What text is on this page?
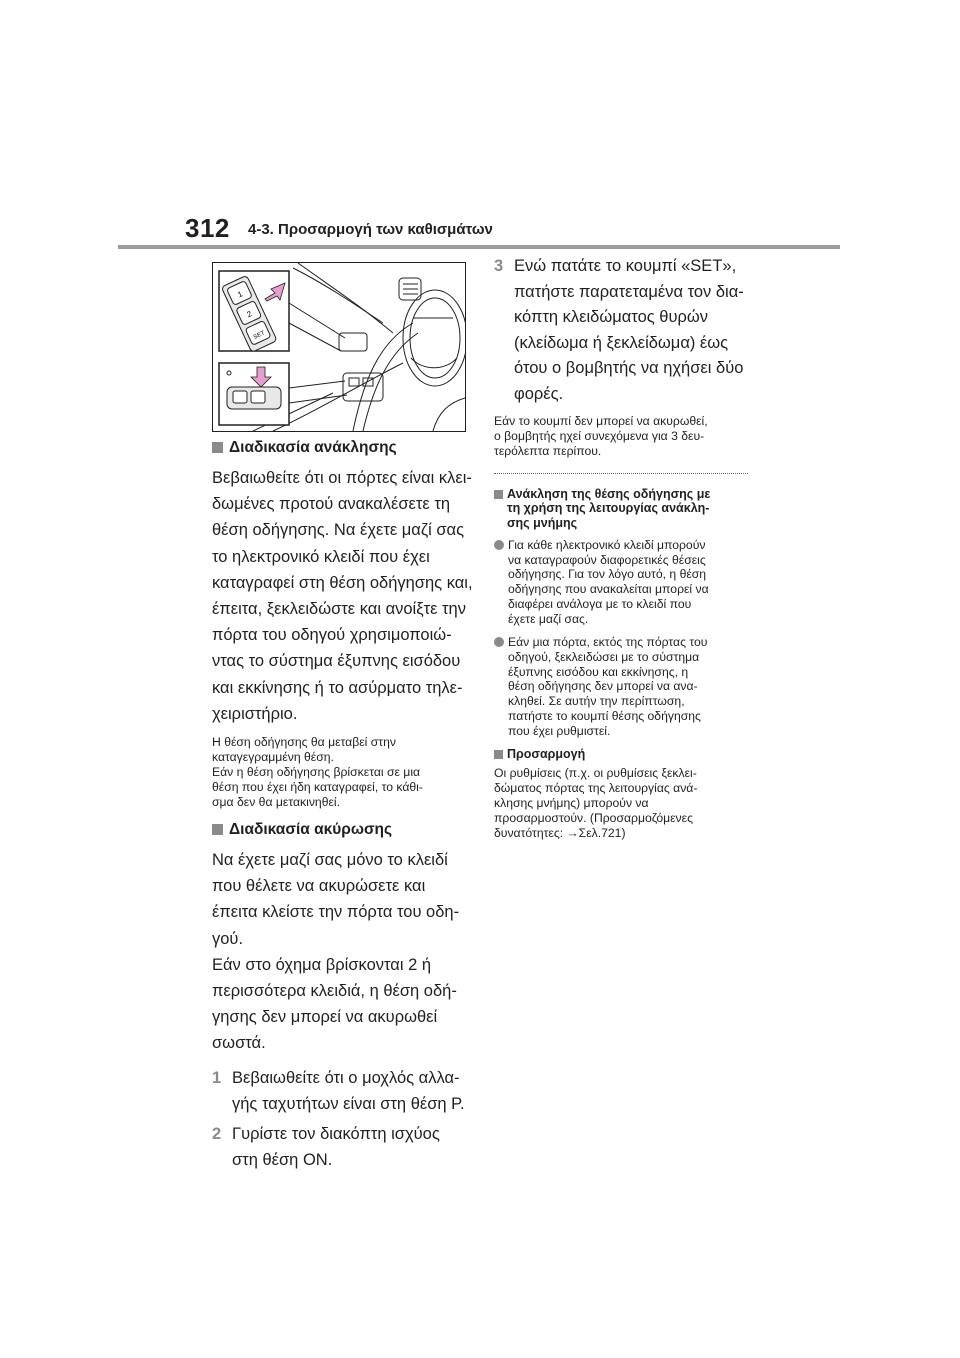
312 4-3. Προσαρμογή των καθισμάτων
1
2
SET
Διαδικασία ανάκλησης
Βεβαιωθείτε ότι οι πόρτες είναι κλει-
δωμένες προτού ανακαλέσετε τη
θέση οδήγησης. Να έχετε μαζί σας
το ηλεκτρονικό κλειδί που έχει
καταγραφεί στη θέση οδήγησης και,
έπειτα, ξεκλειδώστε και ανοίξτε την
πόρτα του οδηγού χρησιμοποιώ-
ντας το σύστημα έξυπνης εισόδου
και εκκίνησης ή το ασύρματο τηλε-
χειριστήριο.
Η θέση οδήγησης θα μεταβεί στην
καταγεγραμμένη θέση.
Εάν η θέση οδήγησης βρίσκεται σε μια
θέση που έχει ήδη καταγραφεί, το κάθι-
σμα δεν θα μετακινηθεί.
Διαδικασία ακύρωσης
Να έχετε μαζί σας μόνο το κλειδί
που θέλετε να ακυρώσετε και
έπειτα κλείστε την πόρτα του οδη-
γού.
Εάν στο όχημα βρίσκονται 2 ή
περισσότερα κλειδιά, η θέση οδή-
γησης δεν μπορεί να ακυρωθεί
σωστά.
1 Βεβαιωθείτε ότι ο μοχλός αλλα-
γής ταχυτήτων είναι στη θέση P.
2 Γυρίστε τον διακόπτη ισχύος
στη θέση ON.
3 Ενώ πατάτε το κουμπί «SET»,
πατήστε παρατεταμένα τον δια-
κόπτη κλειδώματος θυρών
(κλείδωμα ή ξεκλείδωμα) έως
ότου ο βομβητής να ηχήσει δύο
φορές.
Εάν το κουμπί δεν μπορεί να ακυρωθεί,
ο βομβητής ηχεί συνεχόμενα για 3 δευ-
τερόλεπτα περίπου.
Ανάκληση της θέσης οδήγησης με
τη χρήση της λειτουργίας ανάκλη-
σης μνήμης
Για κάθε ηλεκτρονικό κλειδί μπορούν
να καταγραφούν διαφορετικές θέσεις
οδήγησης. Για τον λόγο αυτό, η θέση
οδήγησης που ανακαλείται μπορεί να
διαφέρει ανάλογα με το κλειδί που
έχετε μαζί σας.
Εάν μια πόρτα, εκτός της πόρτας του
οδηγού, ξεκλειδώσει με το σύστημα
έξυπνης εισόδου και εκκίνησης, η
θέση οδήγησης δεν μπορεί να ανα-
κληθεί. Σε αυτήν την περίπτωση,
πατήστε το κουμπί θέσης οδήγησης
που έχει ρυθμιστεί.
Προσαρμογή
Οι ρυθμίσεις (π.χ. οι ρυθμίσεις ξεκλει-
δώματος πόρτας της λειτουργίας ανά-
κλησης μνήμης) μπορούν να
προσαρμοστούν. (Προσαρμοζόμενες
δυνατότητες: →Σελ.721)
